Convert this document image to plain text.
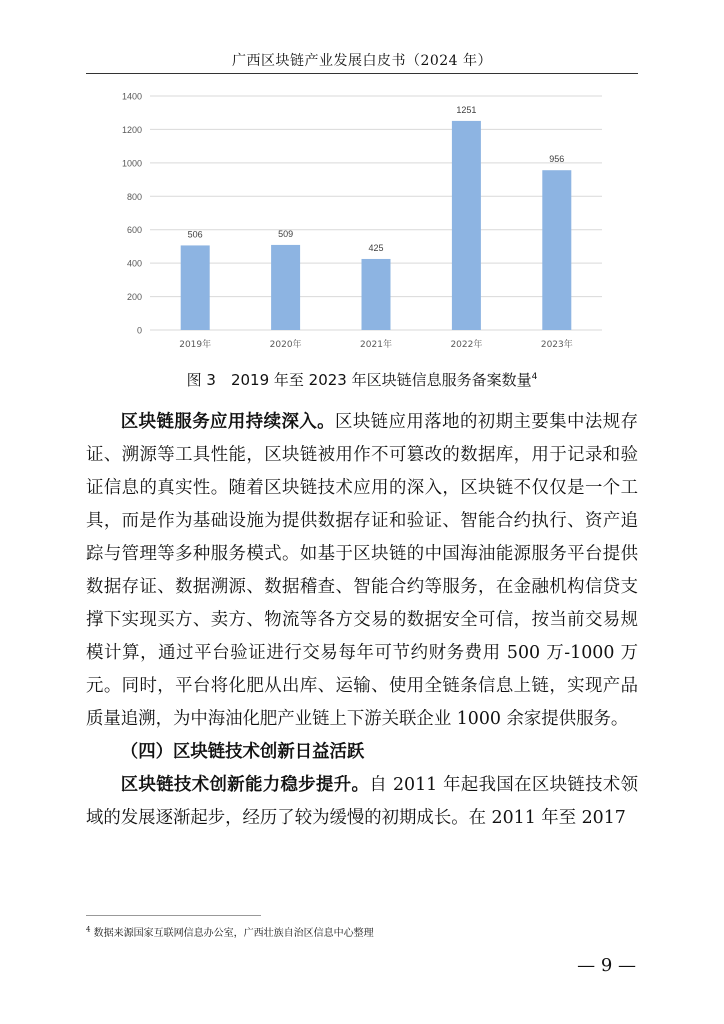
广西区块链产业发展白皮书（2024 年）
0
200
400
600
800
1000
1200
1400
506
2019年
509
2020年
425
2021年
1251
2022年
956
2023年
图 3　2019 年至 2023 年区块链信息服务备案数量$^4$

区块链服务应用持续深入。区块链应用落地的初期主要集中法规存证、溯源等工具性能，区块链被用作不可篡改的数据库，用于记录和验证信息的真实性。随着区块链技术应用的深入，区块链不仅仅是一个工具，而是作为基础设施为提供数据存证和验证、智能合约执行、资产追踪与管理等多种服务模式。如基于区块链的中国海油能源服务平台提供数据存证、数据溯源、数据稽查、智能合约等服务，在金融机构信贷支撑下实现买方、卖方、物流等各方交易的数据安全可信，按当前交易规模计算，通过平台验证进行交易每年可节约财务费用 500 万-1000 万元。同时，平台将化肥从出库、运输、使用全链条信息上链，实现产品质量追溯，为中海油化肥产业链上下游关联企业 1000 余家提供服务。

（四）区块链技术创新日益活跃

区块链技术创新能力稳步提升。自 2011 年起我国在区块链技术领域的发展逐渐起步，经历了较为缓慢的初期成长。在 2011 年至 2017

$^4$ 数据来源国家互联网信息办公室，广西壮族自治区信息中心整理
— 9 —
